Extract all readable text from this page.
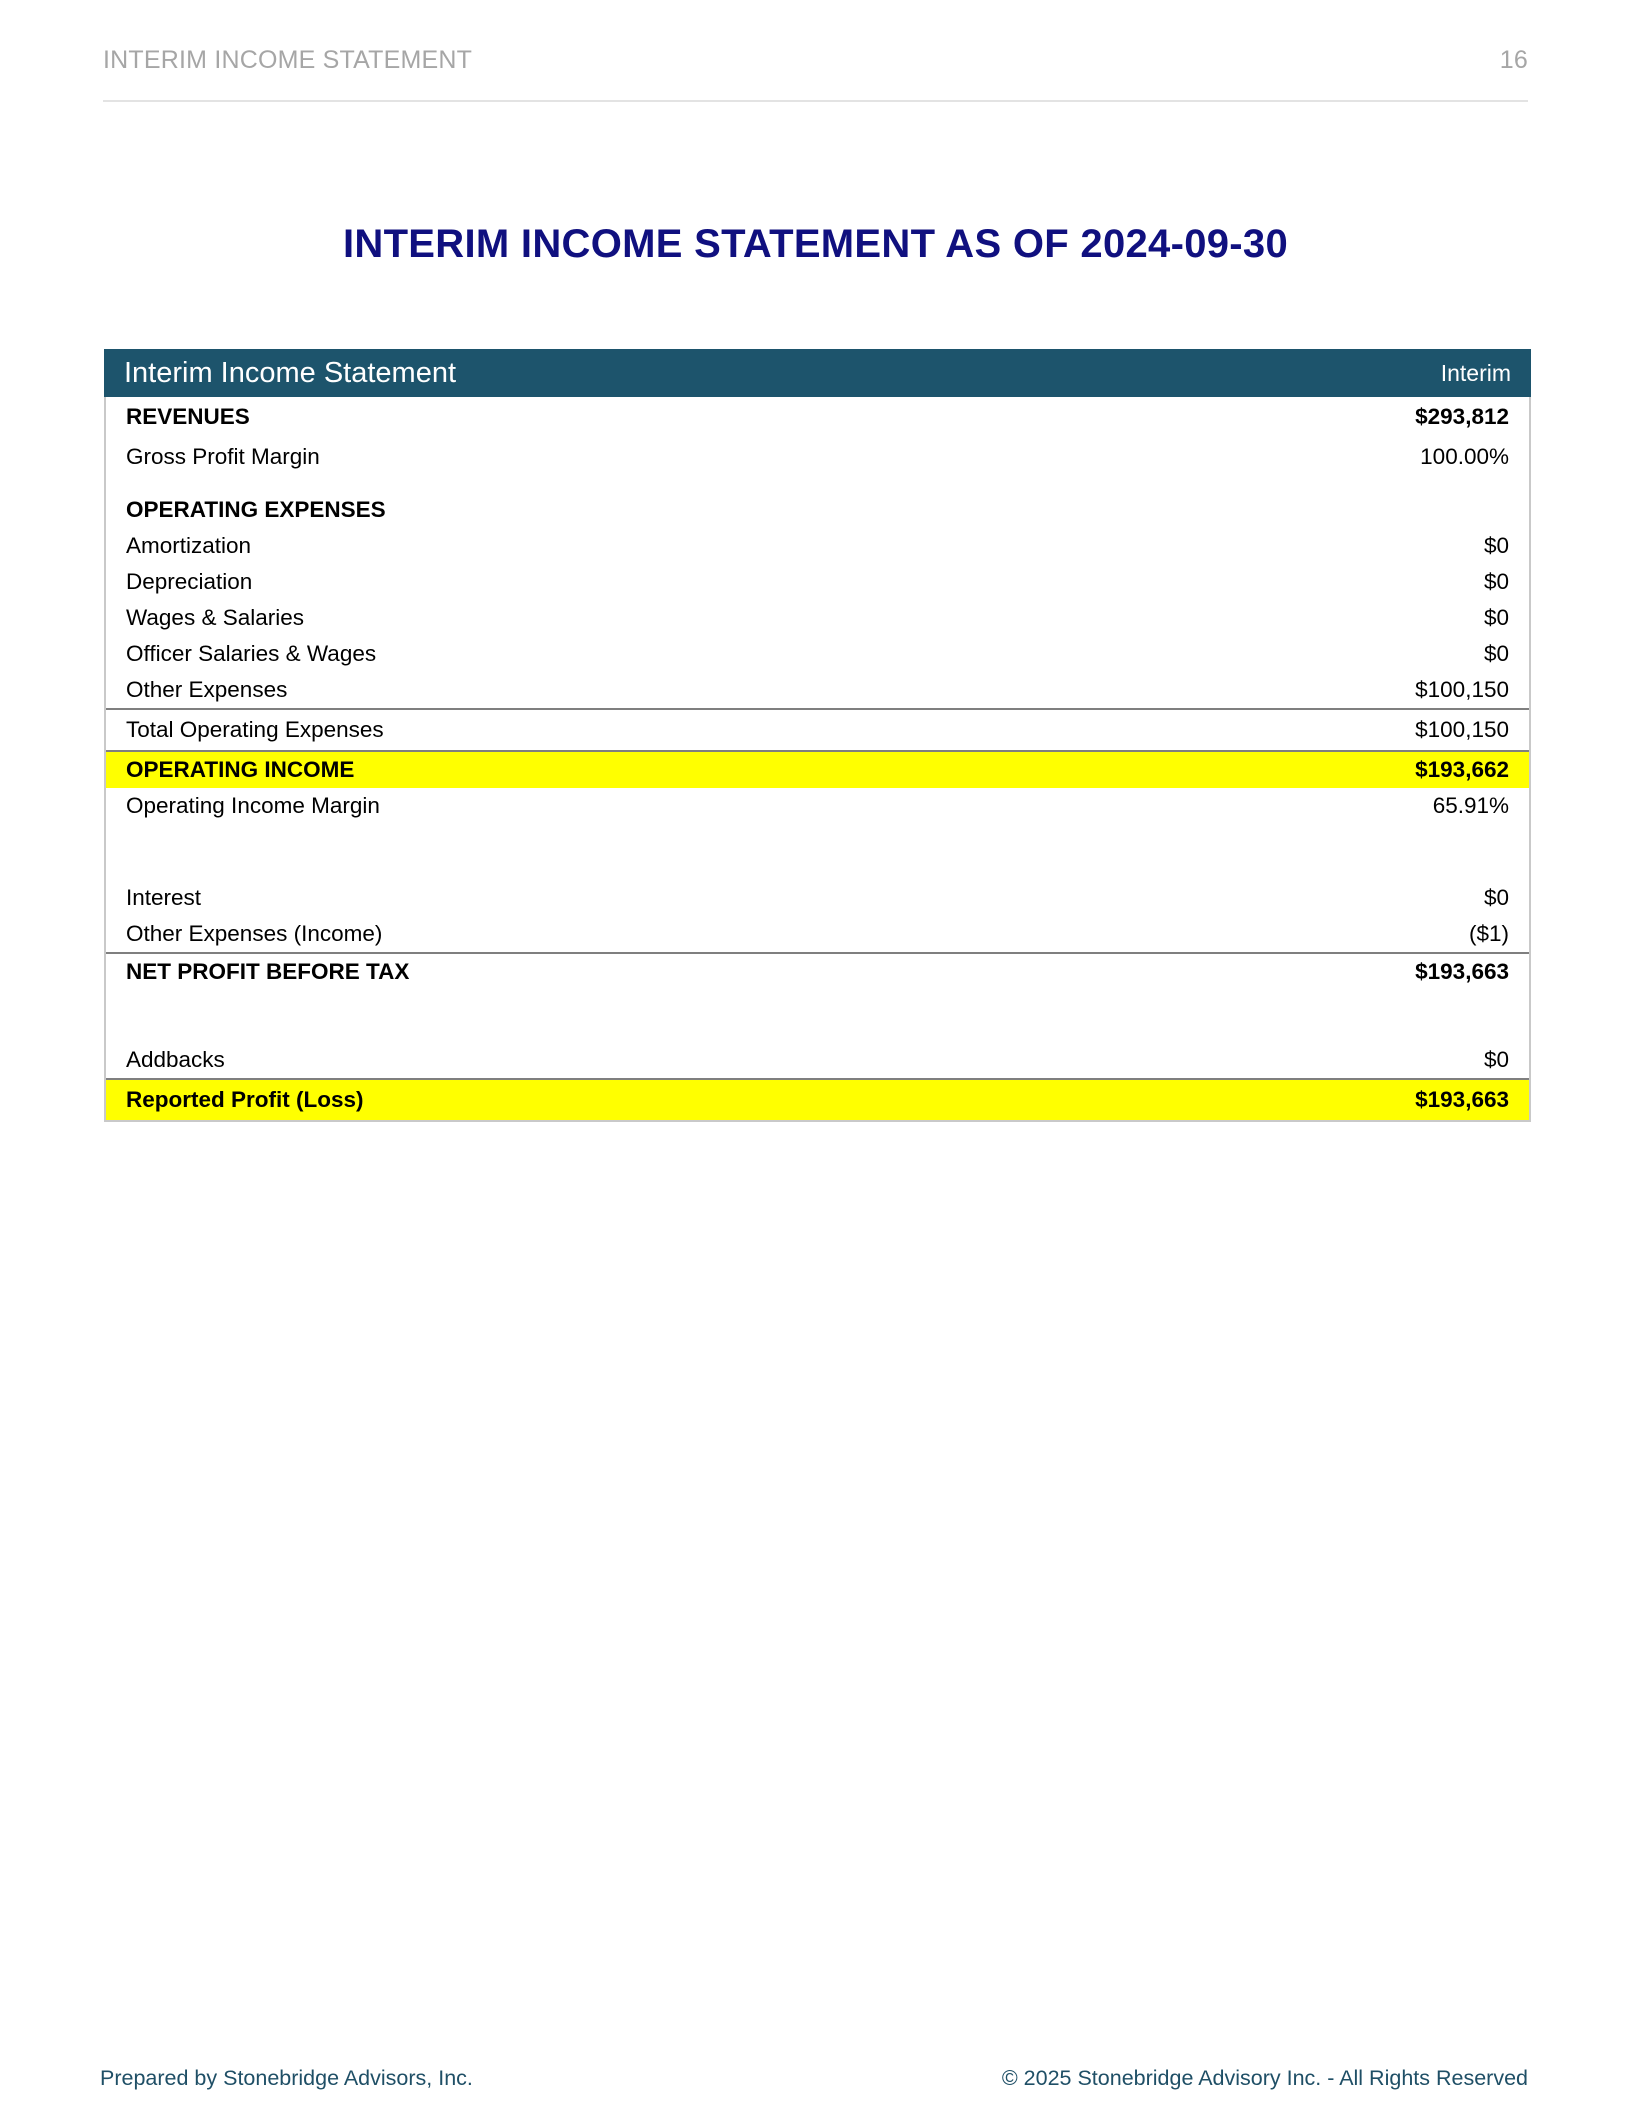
INTERIM INCOME STATEMENT	16
INTERIM INCOME STATEMENT AS OF 2024-09-30
Interim Income Statement	Interim
REVENUES	$293,812
Gross Profit Margin	100.00%
OPERATING EXPENSES
Amortization	$0
Depreciation	$0
Wages & Salaries	$0
Officer Salaries & Wages	$0
Other Expenses	$100,150
Total Operating Expenses	$100,150
OPERATING INCOME	$193,662
Operating Income Margin	65.91%
Interest	$0
Other Expenses (Income)	($1)
NET PROFIT BEFORE TAX	$193,663
Addbacks	$0
Reported Profit (Loss)	$193,663
Prepared by Stonebridge Advisors, Inc.	© 2025 Stonebridge Advisory Inc. - All Rights Reserved
